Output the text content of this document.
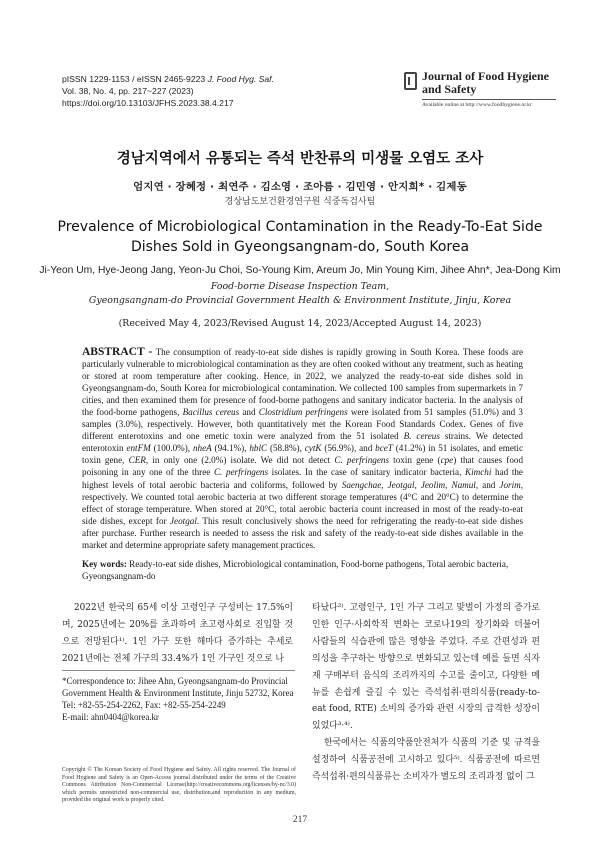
pISSN 1229-1153 / eISSN 2465-9223 J. Food Hyg. Saf.
Vol. 38, No. 4, pp. 217~227 (2023)
https://doi.org/10.13103/JFHS.2023.38.4.217
Journal of Food Hygiene
and Safety
Available online at http://www.foodhygiene.or.kr
경남지역에서 유통되는 즉석 반찬류의 미생물 오염도 조사
엄지연 · 장혜정 · 최연주 · 김소영 · 조아름 · 김민영 · 안지희* · 김제동
경상남도보건환경연구원 식중독검사팀
Prevalence of Microbiological Contamination in the Ready-To-Eat Side
Dishes Sold in Gyeongsangnam-do, South Korea
Ji-Yeon Um, Hye-Jeong Jang, Yeon-Ju Choi, So-Young Kim, Areum Jo, Min Young Kim, Jihee Ahn*, Jea-Dong Kim
Food-borne Disease Inspection Team,
Gyeongsangnam-do Provincial Government Health & Environment Institute, Jinju, Korea
(Received May 4, 2023/Revised August 14, 2023/Accepted August 14, 2023)
ABSTRACT - The consumption of ready-to-eat side dishes is rapidly growing in South Korea. These foods are particularly vulnerable to microbiological contamination as they are often cooked without any treatment, such as heating or stored at room temperature after cooking. Hence, in 2022, we analyzed the ready-to-eat side dishes sold in Gyeongsangnam-do, South Korea for microbiological contamination. We collected 100 samples from supermarkets in 7 cities, and then examined them for presence of food-borne pathogens and sanitary indicator bacteria. In the analysis of the food-borne pathogens, Bacillus cereus and Clostridium perfringens were isolated from 51 samples (51.0%) and 3 samples (3.0%), respectively. However, both quantitatively met the Korean Food Standards Codex. Genes of five different enterotoxins and one emetic toxin were analyzed from the 51 isolated B. cereus strains. We detected enterotoxin entFM (100.0%), nheA (94.1%), hblC (58.8%), cytK (56.9%), and bceT (41.2%) in 51 isolates, and emetic toxin gene, CER, in only one (2.0%) isolate. We did not detect C. perfringens toxin gene (cpe) that causes food poisoning in any one of the three C. perfringens isolates. In the case of sanitary indicator bacteria, Kimchi had the highest levels of total aerobic bacteria and coliforms, followed by Saengchae, Jeotgal, Jeolim, Namul, and Jorim, respectively. We counted total aerobic bacteria at two different storage temperatures (4°C and 20°C) to determine the effect of storage temperature. When stored at 20°C, total aerobic bacteria count increased in most of the ready-to-eat side dishes, except for Jeotgal. This result conclusively shows the need for refrigerating the ready-to-eat side dishes after purchase. Further research is needed to assess the risk and safety of the ready-to-eat side dishes available in the market and determine appropriate safety management practices.
Key words: Ready-to-eat side dishes, Microbiological contamination, Food-borne pathogens, Total aerobic bacteria, Gyeongsangnam-do

2022년 한국의 65세 이상 고령인구 구성비는 17.5%이며, 2025년에는 20%를 초과하여 초고령사회로 진입할 것으로 전망된다¹⁾. 1인 가구 또한 해마다 증가하는 추세로 2021년에는 전체 가구의 33.4%가 1인 가구인 것으로 나

*Correspondence to: Jihee Ahn, Gyeongsangnam-do Provincial Government Health & Environment Institute, Jinju 52732, Korea
Tel: +82-55-254-2262, Fax: +82-55-254-2249
E-mail: ahn0404@korea.kr
Copyright © The Korean Society of Food Hygiene and Safety. All rights reserved. The Journal of Food Hygiene and Safety is an Open-Access journal distributed under the terms of the Creative Commons Attribution Non-Commercial License(http://creativecommons.org/licenses/by-nc/3.0) which permits unrestricted non-commercial use, distribution,and reproduction in any medium, provided the original work is properly cited.

타났다²⁾. 고령인구, 1인 가구 그리고 맞벌이 가정의 증가로 인한 인구·사회학적 변화는 코로나19의 장기화와 더불어 사람들의 식습관에 많은 영향을 주었다. 주로 간편성과 편의성을 추구하는 방향으로 변화되고 있는데 예를 들면 식자재 구매부터 음식의 조리까지의 수고를 줄이고, 다양한 메뉴를 손쉽게 즐길 수 있는 즉석섭취·편의식품(ready-to-eat food, RTE) 소비의 증가와 관련 시장의 급격한 성장이 있었다³·⁴⁾.

한국에서는 식품의약품안전처가 식품의 기준 및 규격을 설정하여 식품공전에 고시하고 있다⁵⁾. 식품공전에 따르면 즉석섭취·편의식품류는 소비자가 별도의 조리과정 없이 그

217
